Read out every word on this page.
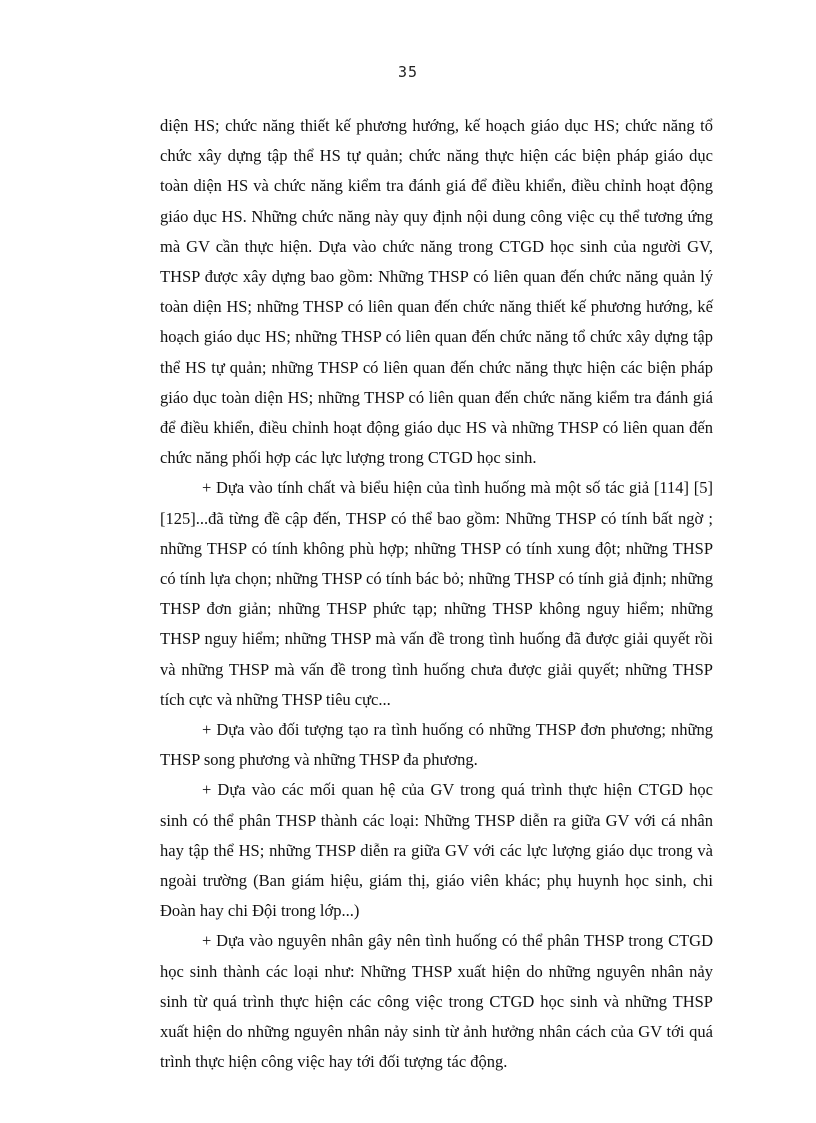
35

diện HS; chức năng thiết kế phương hướng, kế hoạch giáo dục HS; chức năng tổ chức xây dựng tập thể HS tự quản; chức năng thực hiện các biện pháp giáo dục toàn diện HS và chức năng kiểm tra đánh giá để điều khiển, điều chỉnh hoạt động giáo dục HS. Những chức năng này quy định nội dung công việc cụ thể tương ứng mà GV cần thực hiện. Dựa vào chức năng trong CTGD học sinh của người GV, THSP được xây dựng bao gồm: Những THSP có liên quan đến chức năng quản lý toàn diện HS; những THSP có liên quan đến chức năng thiết kế phương hướng, kế hoạch giáo dục HS; những THSP có liên quan đến chức năng tổ chức xây dựng tập thể HS tự quản; những THSP có liên quan đến chức năng thực hiện các biện pháp giáo dục toàn diện HS; những THSP có liên quan đến chức năng kiểm tra đánh giá để điều khiển, điều chỉnh hoạt động giáo dục HS và những THSP có liên quan đến chức năng phối hợp các lực lượng trong CTGD học sinh.

+ Dựa vào tính chất và biểu hiện của tình huống mà một số tác giả [114] [5] [125]...đã từng đề cập đến, THSP có thể bao gồm: Những THSP có tính bất ngờ ; những THSP có tính không phù hợp; những THSP có tính xung đột; những THSP có tính lựa chọn; những THSP có tính bác bỏ; những THSP có tính giả định; những THSP đơn giản; những THSP phức tạp; những THSP không nguy hiểm; những THSP nguy hiểm; những THSP mà vấn đề trong tình huống đã được giải quyết rồi và những THSP mà vấn đề trong tình huống chưa được giải quyết; những THSP tích cực và những THSP tiêu cực...

+ Dựa vào đối tượng tạo ra tình huống có những THSP đơn phương; những THSP song phương và những THSP đa phương.

+ Dựa vào các mối quan hệ của GV trong quá trình thực hiện CTGD học sinh có thể phân THSP thành các loại: Những THSP diễn ra giữa GV với cá nhân hay tập thể HS; những THSP diễn ra giữa GV với các lực lượng giáo dục trong và ngoài trường (Ban giám hiệu, giám thị, giáo viên khác; phụ huynh học sinh, chi Đoàn hay chi Đội trong lớp...)

+ Dựa vào nguyên nhân gây nên tình huống có thể phân THSP trong CTGD học sinh thành các loại như: Những THSP xuất hiện do những nguyên nhân nảy sinh từ quá trình thực hiện các công việc trong CTGD học sinh và những THSP xuất hiện do những nguyên nhân nảy sinh từ ảnh hưởng nhân cách của GV tới quá trình thực hiện công việc hay tới đối tượng tác động.
